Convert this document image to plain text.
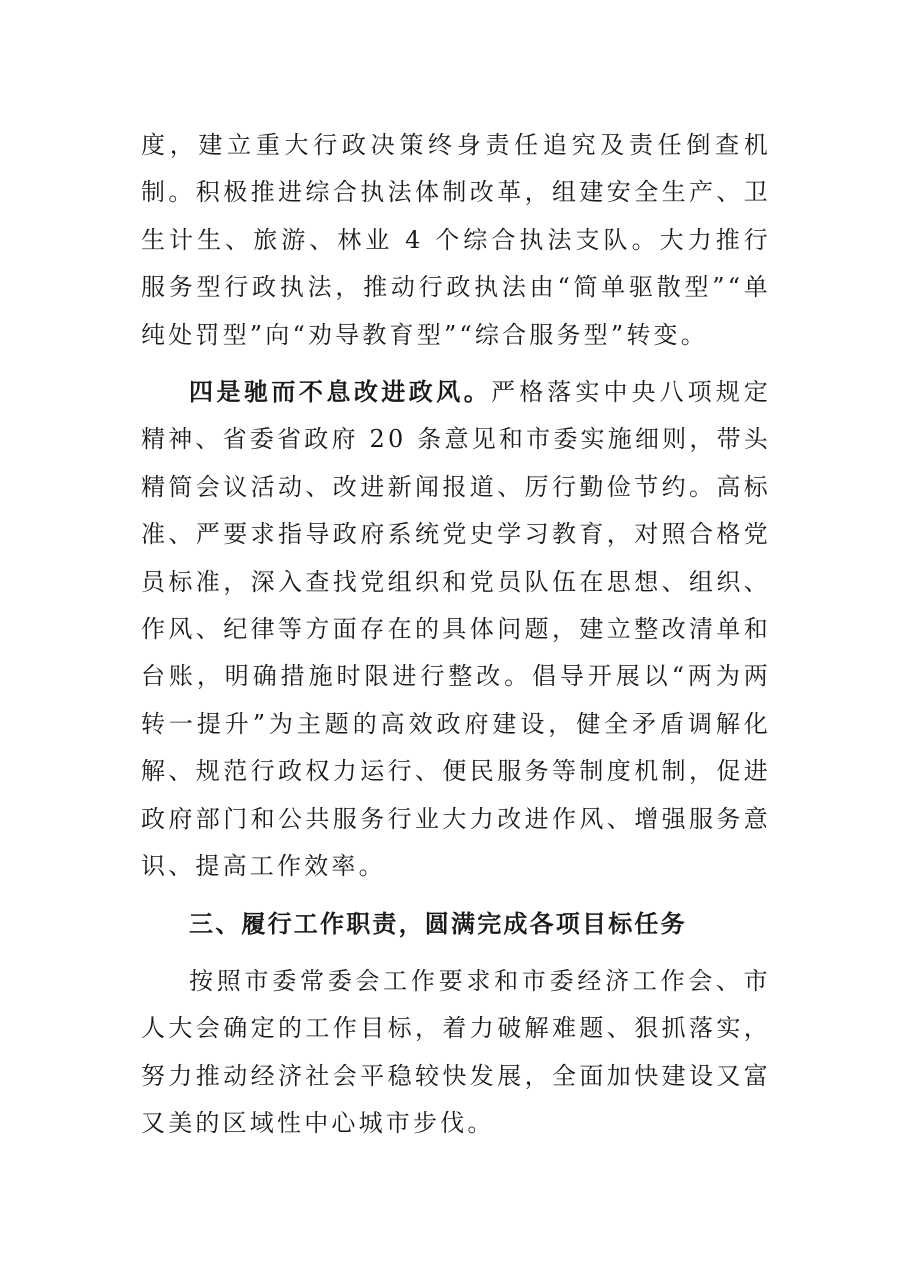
度，建立重大行政决策终身责任追究及责任倒查机制。积极推进综合执法体制改革，组建安全生产、卫生计生、旅游、林业 4 个综合执法支队。大力推行服务型行政执法，推动行政执法由“简单驱散型”“单纯处罚型”向“劝导教育型”“综合服务型”转变。

四是驰而不息改进政风。严格落实中央八项规定精神、省委省政府 20 条意见和市委实施细则，带头精简会议活动、改进新闻报道、厉行勤俭节约。高标准、严要求指导政府系统党史学习教育，对照合格党员标准，深入查找党组织和党员队伍在思想、组织、作风、纪律等方面存在的具体问题，建立整改清单和台账，明确措施时限进行整改。倡导开展以“两为两转一提升”为主题的高效政府建设，健全矛盾调解化解、规范行政权力运行、便民服务等制度机制，促进政府部门和公共服务行业大力改进作风、增强服务意识、提高工作效率。

三、履行工作职责，圆满完成各项目标任务

按照市委常委会工作要求和市委经济工作会、市人大会确定的工作目标，着力破解难题、狠抓落实，努力推动经济社会平稳较快发展，全面加快建设又富又美的区域性中心城市步伐。
